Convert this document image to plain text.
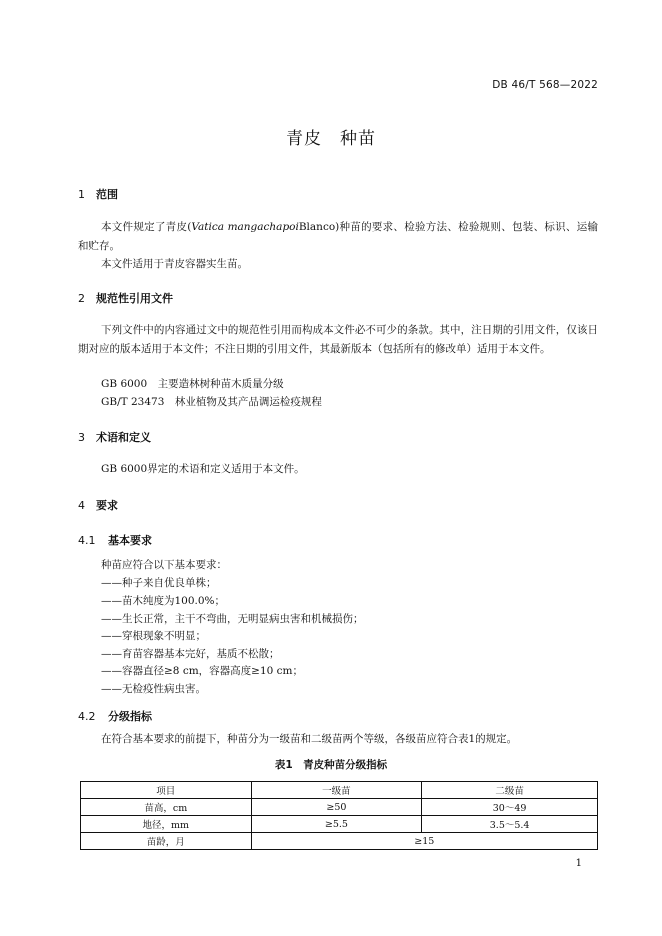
DB 46/T 568—2022
青皮　种苗
1 范围
本文件规定了青皮(Vatica mangachapoiBlanco)种苗的要求、检验方法、检验规则、包装、标识、运输和贮存。
本文件适用于青皮容器实生苗。
2 规范性引用文件
下列文件中的内容通过文中的规范性引用而构成本文件必不可少的条款。其中，注日期的引用文件，仅该日期对应的版本适用于本文件；不注日期的引用文件，其最新版本（包括所有的修改单）适用于本文件。
GB 6000　主要造林树种苗木质量分级
GB/T 23473　林业植物及其产品调运检疫规程
3 术语和定义
GB 6000界定的术语和定义适用于本文件。
4 要求
4.1 基本要求
种苗应符合以下基本要求：
——种子来自优良单株；
——苗木纯度为100.0%；
——生长正常，主干不弯曲，无明显病虫害和机械损伤；
——穿根现象不明显；
——育苗容器基本完好，基质不松散；
——容器直径≥8 cm，容器高度≥10 cm；
——无检疫性病虫害。
4.2 分级指标
在符合基本要求的前提下，种苗分为一级苗和二级苗两个等级，各级苗应符合表1的规定。
表1　青皮种苗分级指标
项目	一级苗	二级苗
苗高，cm	≥50	30～49
地径，mm	≥5.5	3.5～5.4
苗龄，月	≥15	
1
